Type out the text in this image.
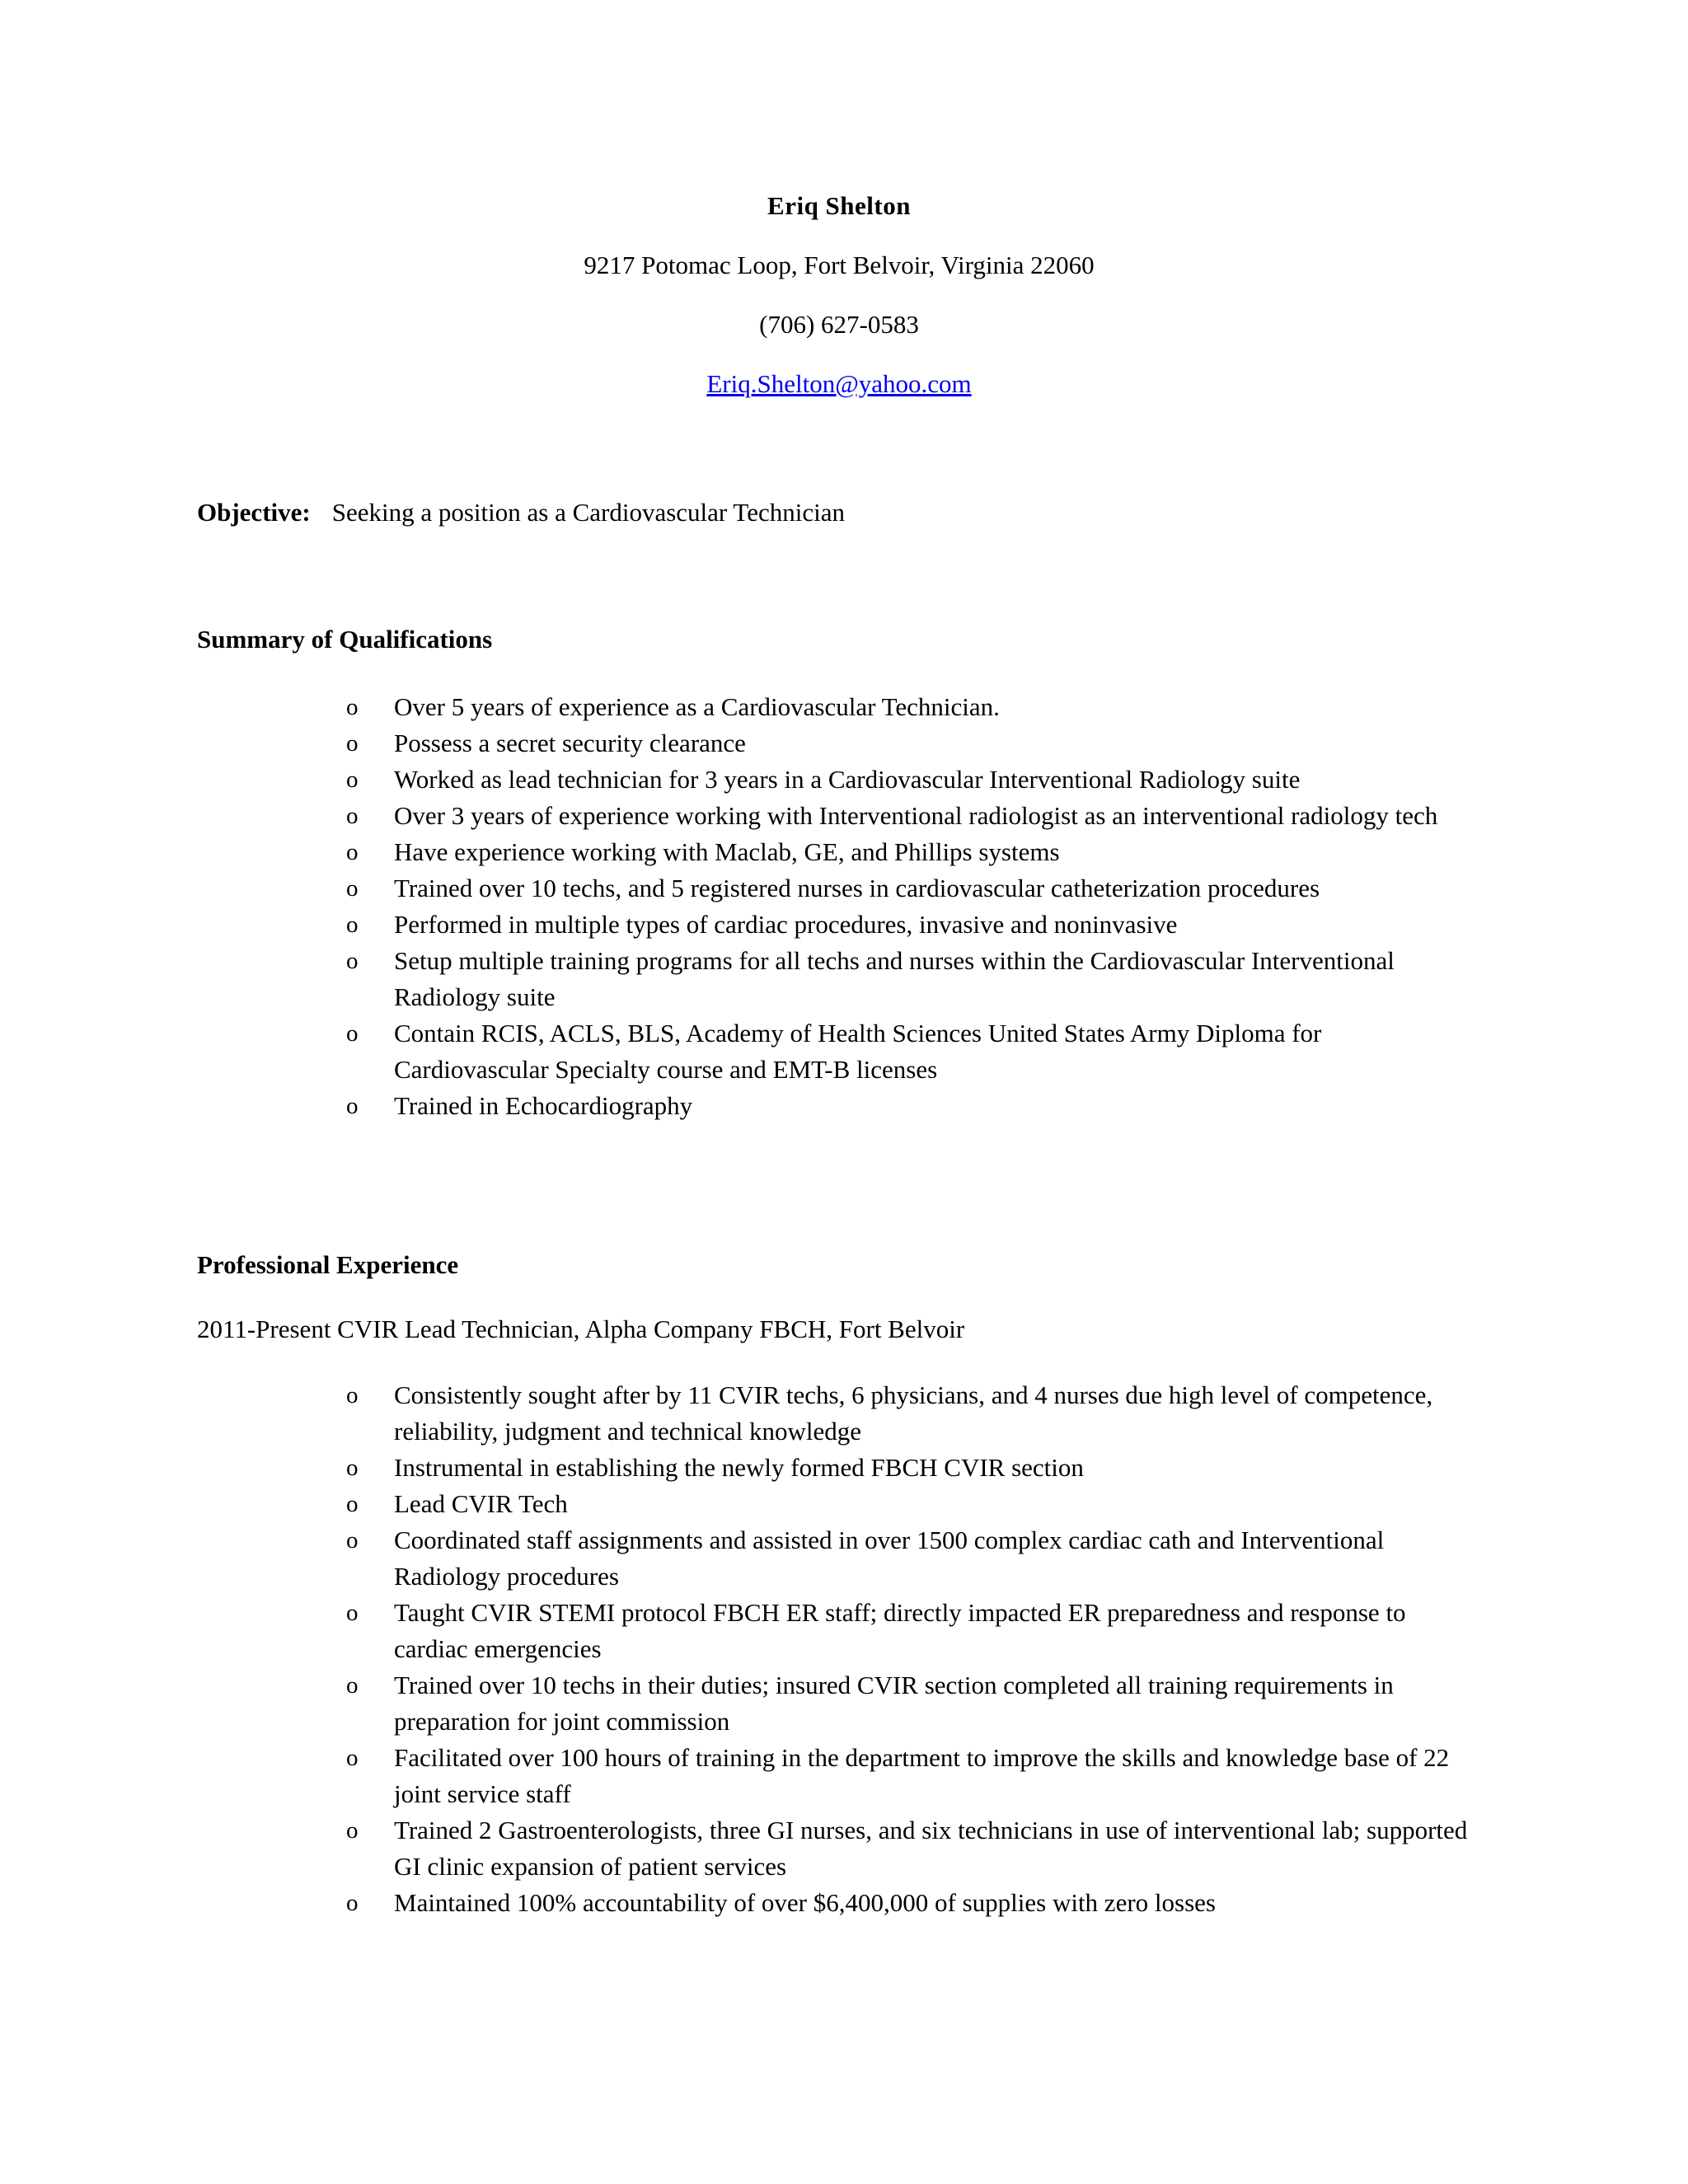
Eriq Shelton
9217 Potomac Loop, Fort Belvoir, Virginia 22060
(706) 627-0583
Eriq.Shelton@yahoo.com
Objective: Seeking a position as a Cardiovascular Technician
Summary of Qualifications
o	Over 5 years of experience as a Cardiovascular Technician.
o	Possess a secret security clearance
o	Worked as lead technician for 3 years in a Cardiovascular Interventional Radiology suite
o	Over 3 years of experience working with Interventional radiologist as an interventional radiology tech
o	Have experience working with Maclab, GE, and Phillips systems
o	Trained over 10 techs, and 5 registered nurses in cardiovascular catheterization procedures
o	Performed in multiple types of cardiac procedures, invasive and noninvasive
o	Setup multiple training programs for all techs and nurses within the Cardiovascular Interventional Radiology suite
o	Contain RCIS, ACLS, BLS, Academy of Health Sciences United States Army Diploma for Cardiovascular Specialty course and EMT-B licenses
o	Trained in Echocardiography
Professional Experience
2011-Present CVIR Lead Technician, Alpha Company FBCH, Fort Belvoir
o	Consistently sought after by 11 CVIR techs, 6 physicians, and 4 nurses due high level of competence, reliability, judgment and technical knowledge
o	Instrumental in establishing the newly formed FBCH CVIR section
o	Lead CVIR Tech
o	Coordinated staff assignments and assisted in over 1500 complex cardiac cath and Interventional Radiology procedures
o	Taught CVIR STEMI protocol FBCH ER staff; directly impacted ER preparedness and response to cardiac emergencies
o	Trained over 10 techs in their duties; insured CVIR section completed all training requirements in preparation for joint commission
o	Facilitated over 100 hours of training in the department to improve the skills and knowledge base of 22 joint service staff
o	Trained 2 Gastroenterologists, three GI nurses, and six technicians in use of interventional lab; supported GI clinic expansion of patient services
o	Maintained 100% accountability of over $6,400,000 of supplies with zero losses
